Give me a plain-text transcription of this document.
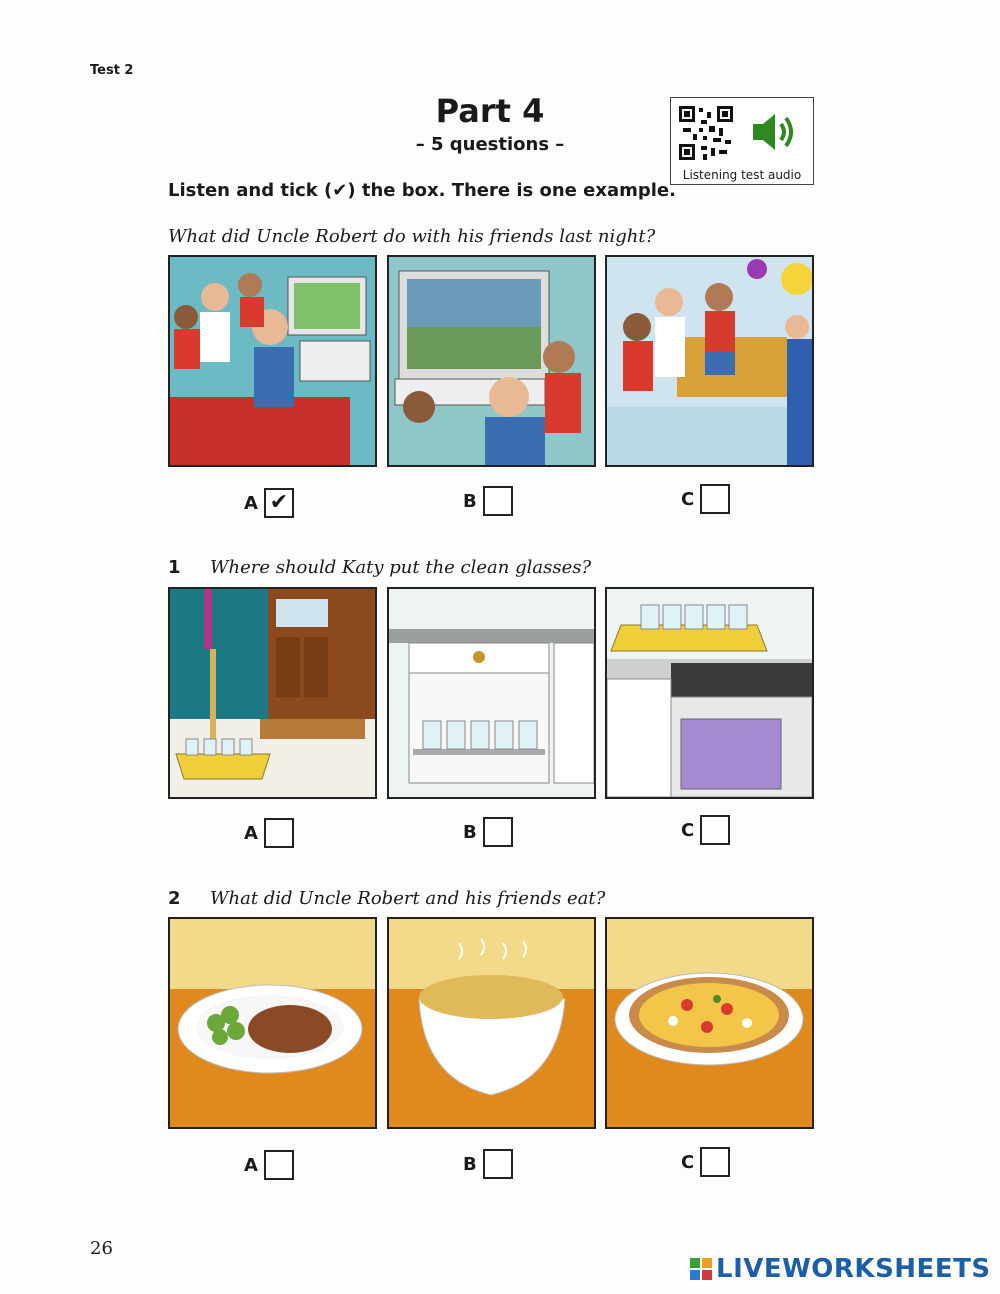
Test 2
Part 4
– 5 questions –
Listening test audio
Listen and tick (✔) the box. There is one example.
What did Uncle Robert do with his friends last night?
A ✔	B	C
1 Where should Katy put the clean glasses?
A	B	C
2 What did Uncle Robert and his friends eat?
A	B	C
26
LIVEWORKSHEETS
